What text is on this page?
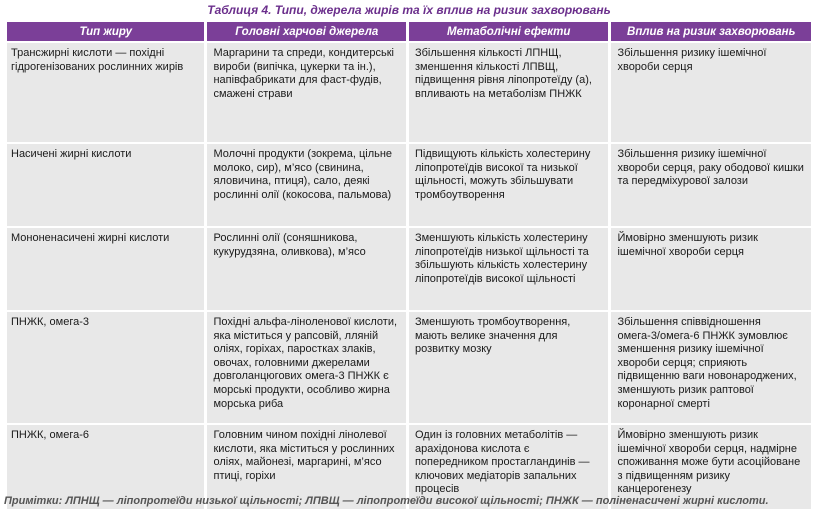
Таблиця 4. Типи, джерела жирів та їх вплив на ризик захворювань
Тип жиру	Головні харчові джерела	Метаболічні ефекти	Вплив на ризик захворювань
Трансжирні кислоти — похідні гідрогенізованих рослинних жирів	Маргарини та спреди, кондитерські вироби (випічка, цукерки та ін.), напівфабрикати для фаст-фудів, смажені страви	Збільшення кількості ЛПНЩ, зменшення кількості ЛПВЩ, підвищення рівня ліпопротеїду (а), впливають на метаболізм ПНЖК	Збільшення ризику ішемічної хвороби серця
Насичені жирні кислоти	Молочні продукти (зокрема, цільне молоко, сир), м’ясо (свинина, яловичина, птиця), сало, деякі рослинні олії (кокосова, пальмова)	Підвищують кількість холестерину ліпопротеїдів високої та низької щільності, можуть збільшувати тромбоутворення	Збільшення ризику ішемічної хвороби серця, раку ободової кишки та передміхурової залози
Мононенасичені жирні кислоти	Рослинні олії (соняшникова, кукурудзяна, оливкова), м’ясо	Зменшують кількість холестерину ліпопротеїдів низької щільності та збільшують кількість холестерину ліпопротеїдів високої щільності	Ймовірно зменшують ризик ішемічної хвороби серця
ПНЖК, омега-3	Похідні альфа-ліноленової кислоти, яка міститься у рапсовій, лляній оліях, горіхах, паростках злаків, овочах, головними джерелами довголанцюгових омега-3 ПНЖК є морські продукти, особливо жирна морська риба	Зменшують тромбоутворення, мають велике значення для розвитку мозку	Збільшення співвідношення омега-3/омега-6 ПНЖК зумовлює зменшення ризику ішемічної хвороби серця; сприяють підвищенню ваги новонароджених, зменшують ризик раптової коронарної смерті
ПНЖК, омега-6	Головним чином похідні лінолевої кислоти, яка міститься у рослинних оліях, майонезі, маргарині, м’ясо птиці, горіхи	Один із головних метаболітів — арахідонова кислота є попередником простагландинів — ключових медіаторів запальних процесів	Ймовірно зменшують ризик ішемічної хвороби серця, надмірне споживання може бути асоційоване з підвищенням ризику канцерогенезу
Примітки: ЛПНЩ — ліпопротеїди низької щільності; ЛПВЩ — ліпопротеїди високої щільності; ПНЖК — поліненасичені жирні кислоти.
